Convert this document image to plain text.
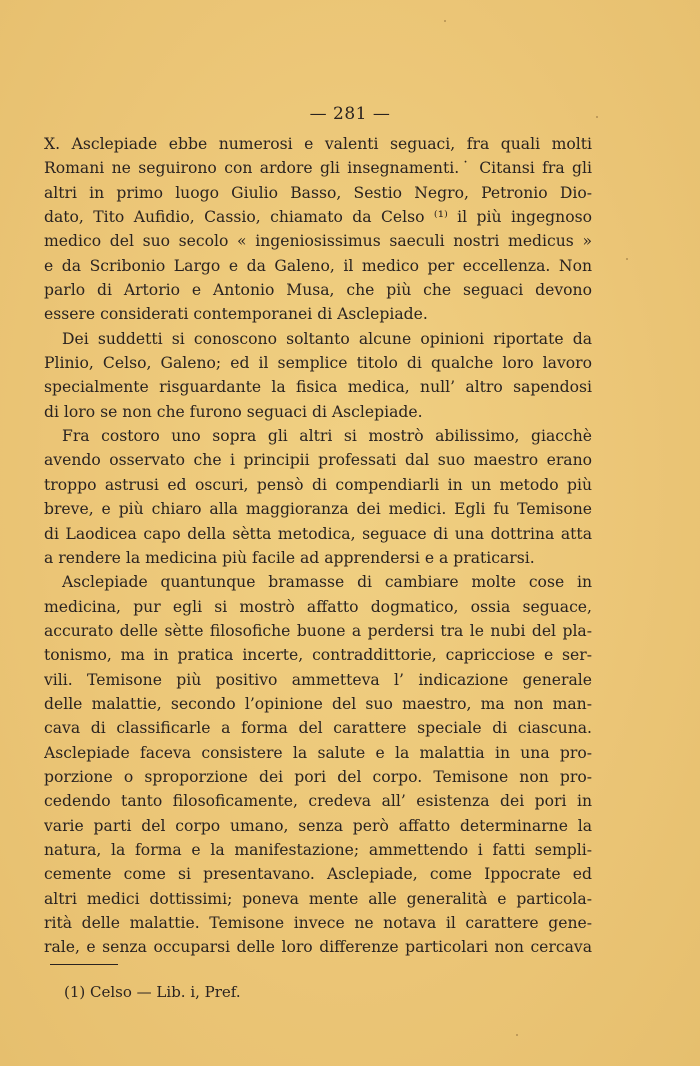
— 281 —
X. Asclepiade ebbe numerosi e valenti seguaci, fra quali molti
Romani ne seguirono con ardore gli insegnamenti.˙ Citansi fra gli
altri in primo luogo Giulio Basso, Sestio Negro, Petronio Dio-
dato, Tito Aufidio, Cassio, chiamato da Celso ⁽¹⁾ il più ingegnoso
medico del suo secolo « ingeniosissimus saeculi nostri medicus »
e da Scribonio Largo e da Galeno, il medico per eccellenza. Non
parlo di Artorio e Antonio Musa, che più che seguaci devono
essere considerati contemporanei di Asclepiade.
Dei suddetti si conoscono soltanto alcune opinioni riportate da
Plinio, Celso, Galeno; ed il semplice titolo di qualche loro lavoro
specialmente risguardante la fisica medica, null’ altro sapendosi
di loro se non che furono seguaci di Asclepiade.
Fra costoro uno sopra gli altri si mostrò abilissimo, giacchè
avendo osservato che i principii professati dal suo maestro erano
troppo astrusi ed oscuri, pensò di compendiarli in un metodo più
breve, e più chiaro alla maggioranza dei medici. Egli fu Temisone
di Laodicea capo della sètta metodica, seguace di una dottrina atta
a rendere la medicina più facile ad apprendersi e a praticarsi.
Asclepiade quantunque bramasse di cambiare molte cose in
medicina, pur egli si mostrò affatto dogmatico, ossia seguace,
accurato delle sètte filosofiche buone a perdersi tra le nubi del pla-
tonismo, ma in pratica incerte, contraddittorie, capricciose e ser-
vili. Temisone più positivo ammetteva l’ indicazione generale
delle malattie, secondo l’opinione del suo maestro, ma non man-
cava di classificarle a forma del carattere speciale di ciascuna.
Asclepiade faceva consistere la salute e la malattia in una pro-
porzione o sproporzione dei pori del corpo. Temisone non pro-
cedendo tanto filosoficamente, credeva all’ esistenza dei pori in
varie parti del corpo umano, senza però affatto determinarne la
natura, la forma e la manifestazione; ammettendo i fatti sempli-
cemente come si presentavano. Asclepiade, come Ippocrate ed
altri medici dottissimi; poneva mente alle generalità e particola-
rità delle malattie. Temisone invece ne notava il carattere gene-
rale, e senza occuparsi delle loro differenze particolari non cercava
(1) Celso — Lib. i, Pref.
